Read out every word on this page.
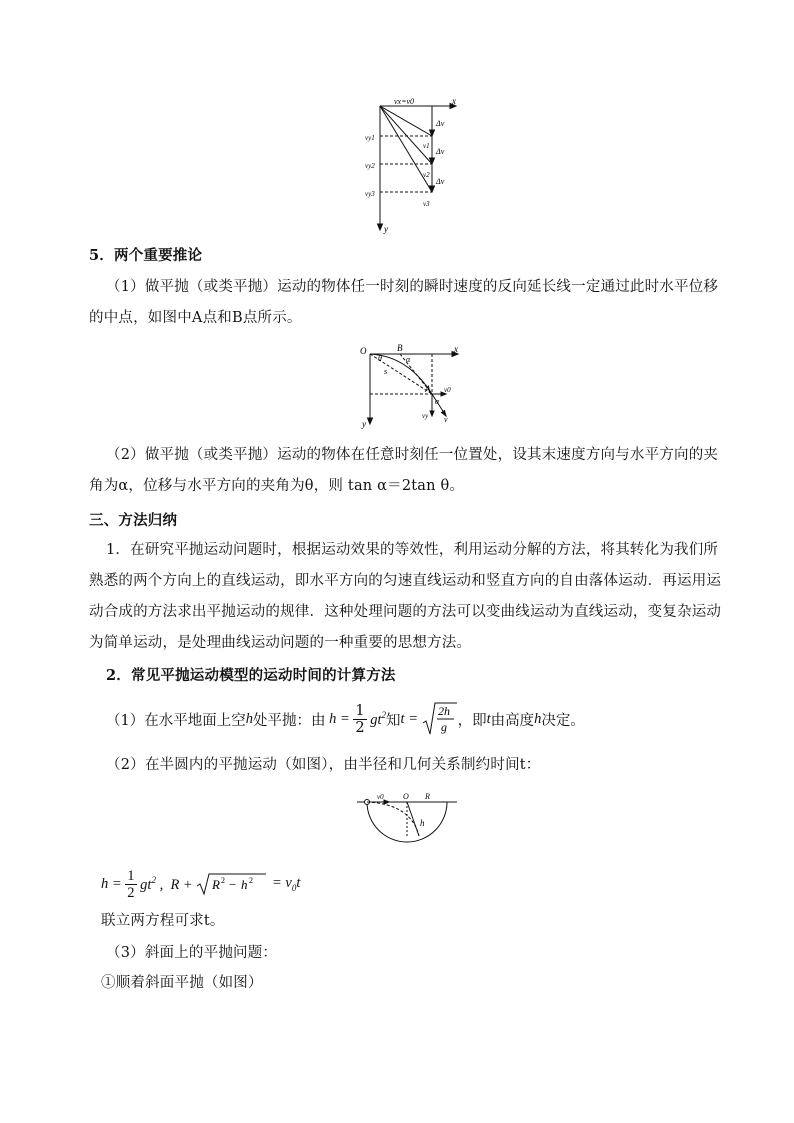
vx=v0	x
y
vy1
vy2
vy3
v1
v2
v3
Δv
Δv
Δv
5．两个重要推论
（1）做平抛（或类平抛）运动的物体任一时刻的瞬时速度的反向延长线一定通过此时水平位移的中点，如图中A点和B点所示。
O	B	x
y
θ	α
s
A v0
α
vy v
（2）做平抛（或类平抛）运动的物体在任意时刻任一位置处，设其末速度方向与水平方向的夹角为α，位移与水平方向的夹角为θ，则 tan α＝2tan θ。
三、方法归纳
1．在研究平抛运动问题时，根据运动效果的等效性，利用运动分解的方法，将其转化为我们所熟悉的两个方向上的直线运动，即水平方向的匀速直线运动和竖直方向的自由落体运动．再运用运动合成的方法求出平抛运动的规律．这种处理问题的方法可以变曲线运动为直线运动，变复杂运动为简单运动，是处理曲线运动问题的一种重要的思想方法。
2．常见平抛运动模型的运动时间的计算方法
（1）在水平地面上空 h 处平抛：由 $h = \frac{1}{2} gt^2$ 知 t = 2h
g ，即 t 由高度 h 决定。
（2）在半圆内的平抛运动（如图），由半径和几何关系制约时间t：
v0 O R
h
$h = \frac{1}{2} gt^2$ ,  R + R 2 − h $2 = v_0t$
联立两方程可求t。
（3）斜面上的平抛问题：
①顺着斜面平抛（如图）
